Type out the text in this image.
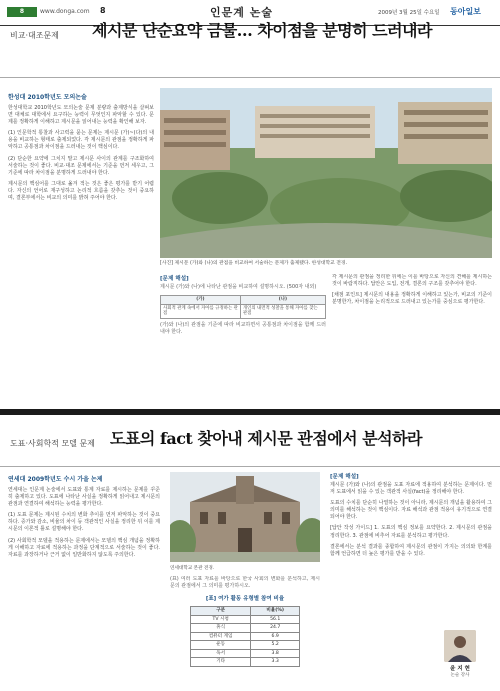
8	www.donga.com 8	인문계 논술	2009년 3월 25일 수요일 동아일보
비교·대조문제 제시문 단순요약 금물… 차이점을 분명히 드러내라
한성대 2010학년도 모의논술

한성대학교 2010학년도 모의논술 문제 분량과 출제방식을 살펴보면 대체로 대학에서 요구하는 능력이 무엇인지 파악할 수 있다. 문제를 정확하게 이해하고 제시문을 읽어내는 능력을 확인해 보자.

(1) 인문학적 통찰과 사고력을 묻는 문제는 제시문 (가)~(다)의 내용을 비교하는 형태로 출제되었다. 각 제시문의 관점을 정확하게 파악하고 공통점과 차이점을 드러내는 것이 핵심이다.

(2) 단순한 요약에 그치지 말고 제시문 사이의 관계를 구조화하여 서술하는 것이 좋다. 비교·대조 문제에서는 기준을 먼저 세우고, 그 기준에 따라 차이점을 분명하게 드러내야 한다.

제시문의 핵심어를 그대로 옮겨 적는 것은 좋은 평가를 받기 어렵다. 자신의 언어로 재구성하고 논리적 흐름을 갖추는 것이 중요하며, 결론부에서는 비교의 의미를 밝혀 주어야 한다.

[사진] 제시문 (가)와 (나)의 관점을 비교하여 서술하는 문제가 출제됐다. 한성대학교 전경.
[문제 해설]

제시문 (가)와 (나)에 나타난 관점을 비교하여 설명하시오. (500자 내외)

(가)	(나)
사회적 관계 속에서 자아를 규정하는 관점	개인의 내면적 성찰을 통해 자아를 찾는 관점

(가)와 (나)의 관점을 기준에 따라 비교하면서 공통점과 차이점을 함께 드러내야 한다.

각 제시문의 관점을 정리한 뒤에는 이를 바탕으로 자신의 견해를 제시하는 것이 바람직하다. 답안은 도입, 전개, 결론의 구조를 갖추어야 한다.

[채점 포인트] 제시문의 내용을 정확하게 이해하고 있는가, 비교의 기준이 분명한가, 차이점을 논리적으로 드러내고 있는가를 중심으로 평가한다.

도표·사회학적 모델 문제 도표의 fact 찾아내 제시문 관점에서 분석하라
연세대 2009학년도 수시 가을 논제

연세대는 인문계 논술에서 도표와 통계 자료를 제시하는 문제를 꾸준히 출제하고 있다. 도표에 나타난 사실을 정확하게 읽어내고 제시문의 관점과 연결하여 해석하는 능력을 평가한다.

(1) 도표 문제는 제시된 수치의 변화 추이를 먼저 파악하는 것이 중요하다. 증가와 감소, 비율의 차이 등 객관적인 사실을 정리한 뒤 이를 제시문의 이론적 틀로 설명해야 한다.

(2) 사회학적 모델을 적용하는 문제에서는 모델의 핵심 개념을 정확하게 이해하고 자료에 적용하는 과정을 단계적으로 서술하는 것이 좋다. 자료를 과장하거나 근거 없이 일반화하지 않도록 주의한다.

연세대학교 본관 전경.

(표) 여러 도표 자료를 바탕으로 한국 사회의 변화를 분석하고, 제시문의 관점에서 그 의미를 평가하시오.

[표] 여가 활동 유형별 참여 비율
구분	비율(%)
TV 시청	56.1
휴식	24.7
컴퓨터 게임	6.9
운동	5.2
독서	3.8
기타	3.3
[문제 해설]

제시문 (가)와 (나)의 관점을 도표 자료에 적용하여 분석하는 문제이다. 먼저 도표에서 읽을 수 있는 객관적 사실(fact)을 정리해야 한다.

도표의 수치를 단순히 나열하는 것이 아니라, 제시문의 개념을 활용하여 그 의미를 해석하는 것이 핵심이다. 자료 해석과 관점 적용이 유기적으로 연결되어야 한다.

[답안 작성 가이드] 1. 도표의 핵심 정보를 요약한다. 2. 제시문의 관점을 정리한다. 3. 관점에 비추어 자료를 분석하고 평가한다.

결론에서는 분석 결과를 종합하여 제시문의 관점이 가지는 의의와 한계를 함께 언급하면 더 높은 평가를 받을 수 있다.

윤 지 현
논술 강사
